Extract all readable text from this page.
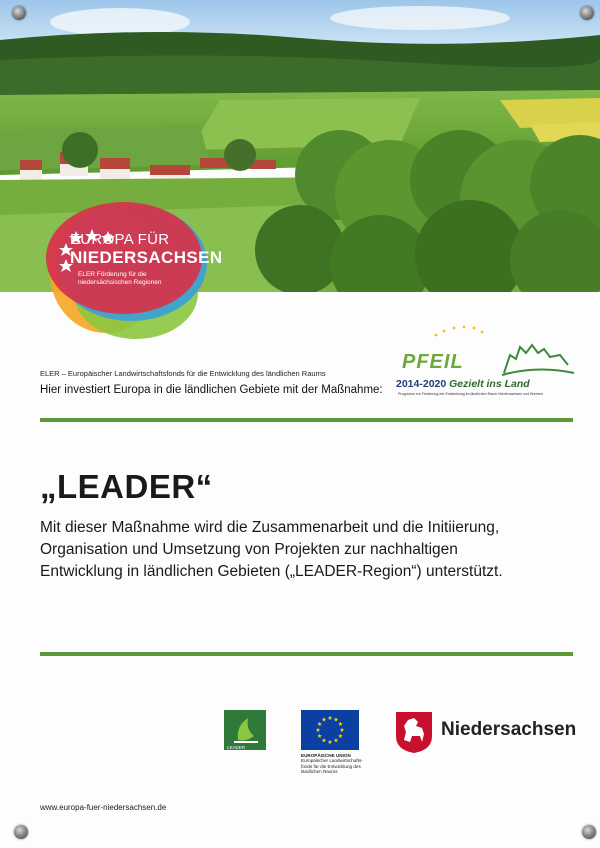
EUROPA FÜR
NIEDERSACHSEN
ELER Förderung für die
niedersächsischen Regionen
ELER – Europäischer Landwirtschaftsfonds für die Entwicklung des ländlichen Raums
Hier investiert Europa in die ländlichen Gebiete mit der Maßnahme:
PFEIL
2014-2020 Gezielt ins Land
Programm zur Förderung der Entwicklung im ländlichen Raum Niedersachsen und Bremen
„LEADER“
Mit dieser Maßnahme wird die Zusammenarbeit und die Initiierung,
Organisation und Umsetzung von Projekten zur nachhaltigen
Entwicklung in ländlichen Gebieten („LEADER-Region“) unterstützt.
LEADER
EUROPÄISCHE UNION
Europäischer Landwirtschafts-
fonds für die Entwicklung des
ländlichen Raums
Niedersachsen
www.europa-fuer-niedersachsen.de
